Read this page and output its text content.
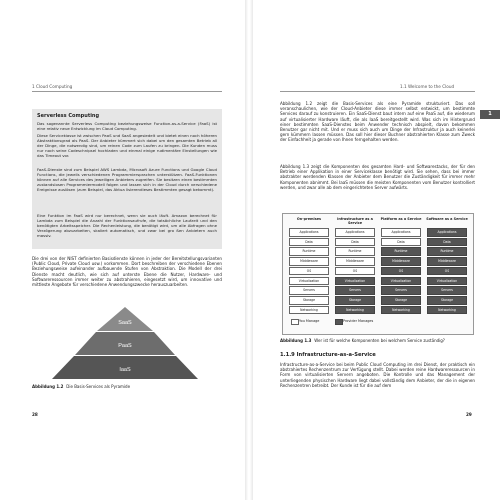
1 Cloud Computing
Serverless Computing

Das sogenannte Serverless Computing beziehungsweise Function-as-a-Service (FaaS) ist eine relativ neue Entwicklung im Cloud Computing.

Diese Servicekiasse ist zwischen PaaS und SaaS angesiedelt und bietet einen noch höheren Abstraktionsgrad als PaaS. Der Anbieter kümmert sich dabei um den gesamten Betrieb all der Dinge, die notwendig sind, um reinen Code zum Laufen zu bringen. Die Kunden muss nur noch seine Codeschnipsel hochladen und einmal einige rudimentäre Einstellungen wie das Timeout vor.

FaaS-Dienste sind zum Beispiel AWS Lambda, Microsoft Azure Functions und Google Cloud Functions, die jeweils verschiedenen Programmiersprachen unterstützen. FaaS-Funktionen können auf alle Services des jeweiligen Anbieters zugreifen. Sie besitzen einen bestimmten zustandslosen Programmiermodell folgen und lassen sich in der Cloud durch verschiedene Ereignisse auslösen (zum Beispiel, das Aktua lisierendieses Bestimmten gesagt bekommt).

Eine Funktion im FaaS wird nur berechnet, wenn sie auch läuft. Amazon berechnet für Lambda zum Beispiel die Anzahl der Funktionsaufrufe, die tatsächliche Laufzeit und den benötigten Arbeitsspeicher. Die Rechenleistung, die benötigt wird, um alle Abfragen ohne Verzögerung abzuarbeiten, skaliert automatisch, und zwar bei gro ßen Anbietern auch massiv.

Die drei von der NIST definierten Basisdienste können in jeder der Bereitstellungsvarianten (Public Cloud, Private Cloud usw.) vorkommen. Dort beschreiben der verschiedene Ebenen Beziehungsweise aufeinander aufbauende Stufen von Abstraktion. Die Modell der drei Dienste macht deutlich, wie sich auf unterste Ebene die Nutzer, Hardware- und Softwareressourcen immer weiter zu abstrahieren, eingesetzt wird, um innovative und mittleste Angebote für verschiedene Anwendungszwecke herauszuarbeiten.

SaaS
PaaS
IaaS

Abbildung 1.2 Die Basis-Services als Pyramide

28
1.1 Welcome to the Cloud
1

Abbildung 1.2 zeigt die Basis-Services als eine Pyramide strukturiert. Das soll veranschaulichen, wie der Cloud-Anbieter diese immer selbst entwickt, um bestimmte Services darauf zu konstruieren. Ein SaaS-Dienst baut intern auf eine PaaS auf, die wiederum auf virtualisierter Hardware läuft, die als IaaS bereitgestellt wird. Was sich im Hintergrund einer bestimmten SaaS-Dienstes beim Anwender technisch abspielt, davon bekommen Benutzer gar nicht mit. Und er muss sich auch um Dinge der Infrastruktur ja auch keinerlei gern kümmern lassen müssen. Das soll hier dieser Buchner abstrahierten Klasse zum Zweck der Einfachheit ja gerade von Ihnen ferngehalten werden.

Abbildung 1.3 zeigt die Komponenten des gesamten Hard- und Softwarestacks, der für den Betrieb einer Applikation in einer Serviceklasse benötigt wird. Sie sehen, dass bei immer abstrakter werdenden Klassen der Anbieter dem Benutzer die Zuständigkeit für immer mehr Komponenten abnimmt. Bei IaaS müssen die meisten Komponenten vom Benutzer kontrolliert werden, und zwar alle ab dem eingerichteten Server aufwärts.

On-premises
Applications
Data
Runtime
Middleware
OS
Virtualization
Servers
Storage
Networking
Infrastructure as a Service
Applications
Data
Runtime
Middleware
OS
Virtualization
Servers
Storage
Networking
Platform as a Service
Applications
Data
Runtime
Middleware
OS
Virtualization
Servers
Storage
Networking
Software as a Service
Applications
Data
Runtime
Middleware
OS
Virtualization
Servers
Storage
Networking
You Manage	Provider Manages

Abbildung 1.3 Wer ist für welche Komponenten bei welchem Service zuständig?

1.1.9 Infrastructure-as-a-Service

Infrastructure-as-a-Service bei beim Public Cloud Computing im drei Dienst, der praktisch ein abstrahiertes Rechenzentrum zur Verfügung stellt. Dabei werden reine Hardwareressourcen in Form von virtualisierten Servern angeboten. Die Kontrolle und das Management der unterliegenden physischen Hardware liegt dabei vollständig dem Anbieter, der die in eigenen Rechenzentren betreibt. Der Kunde ist für die auf dem

29
